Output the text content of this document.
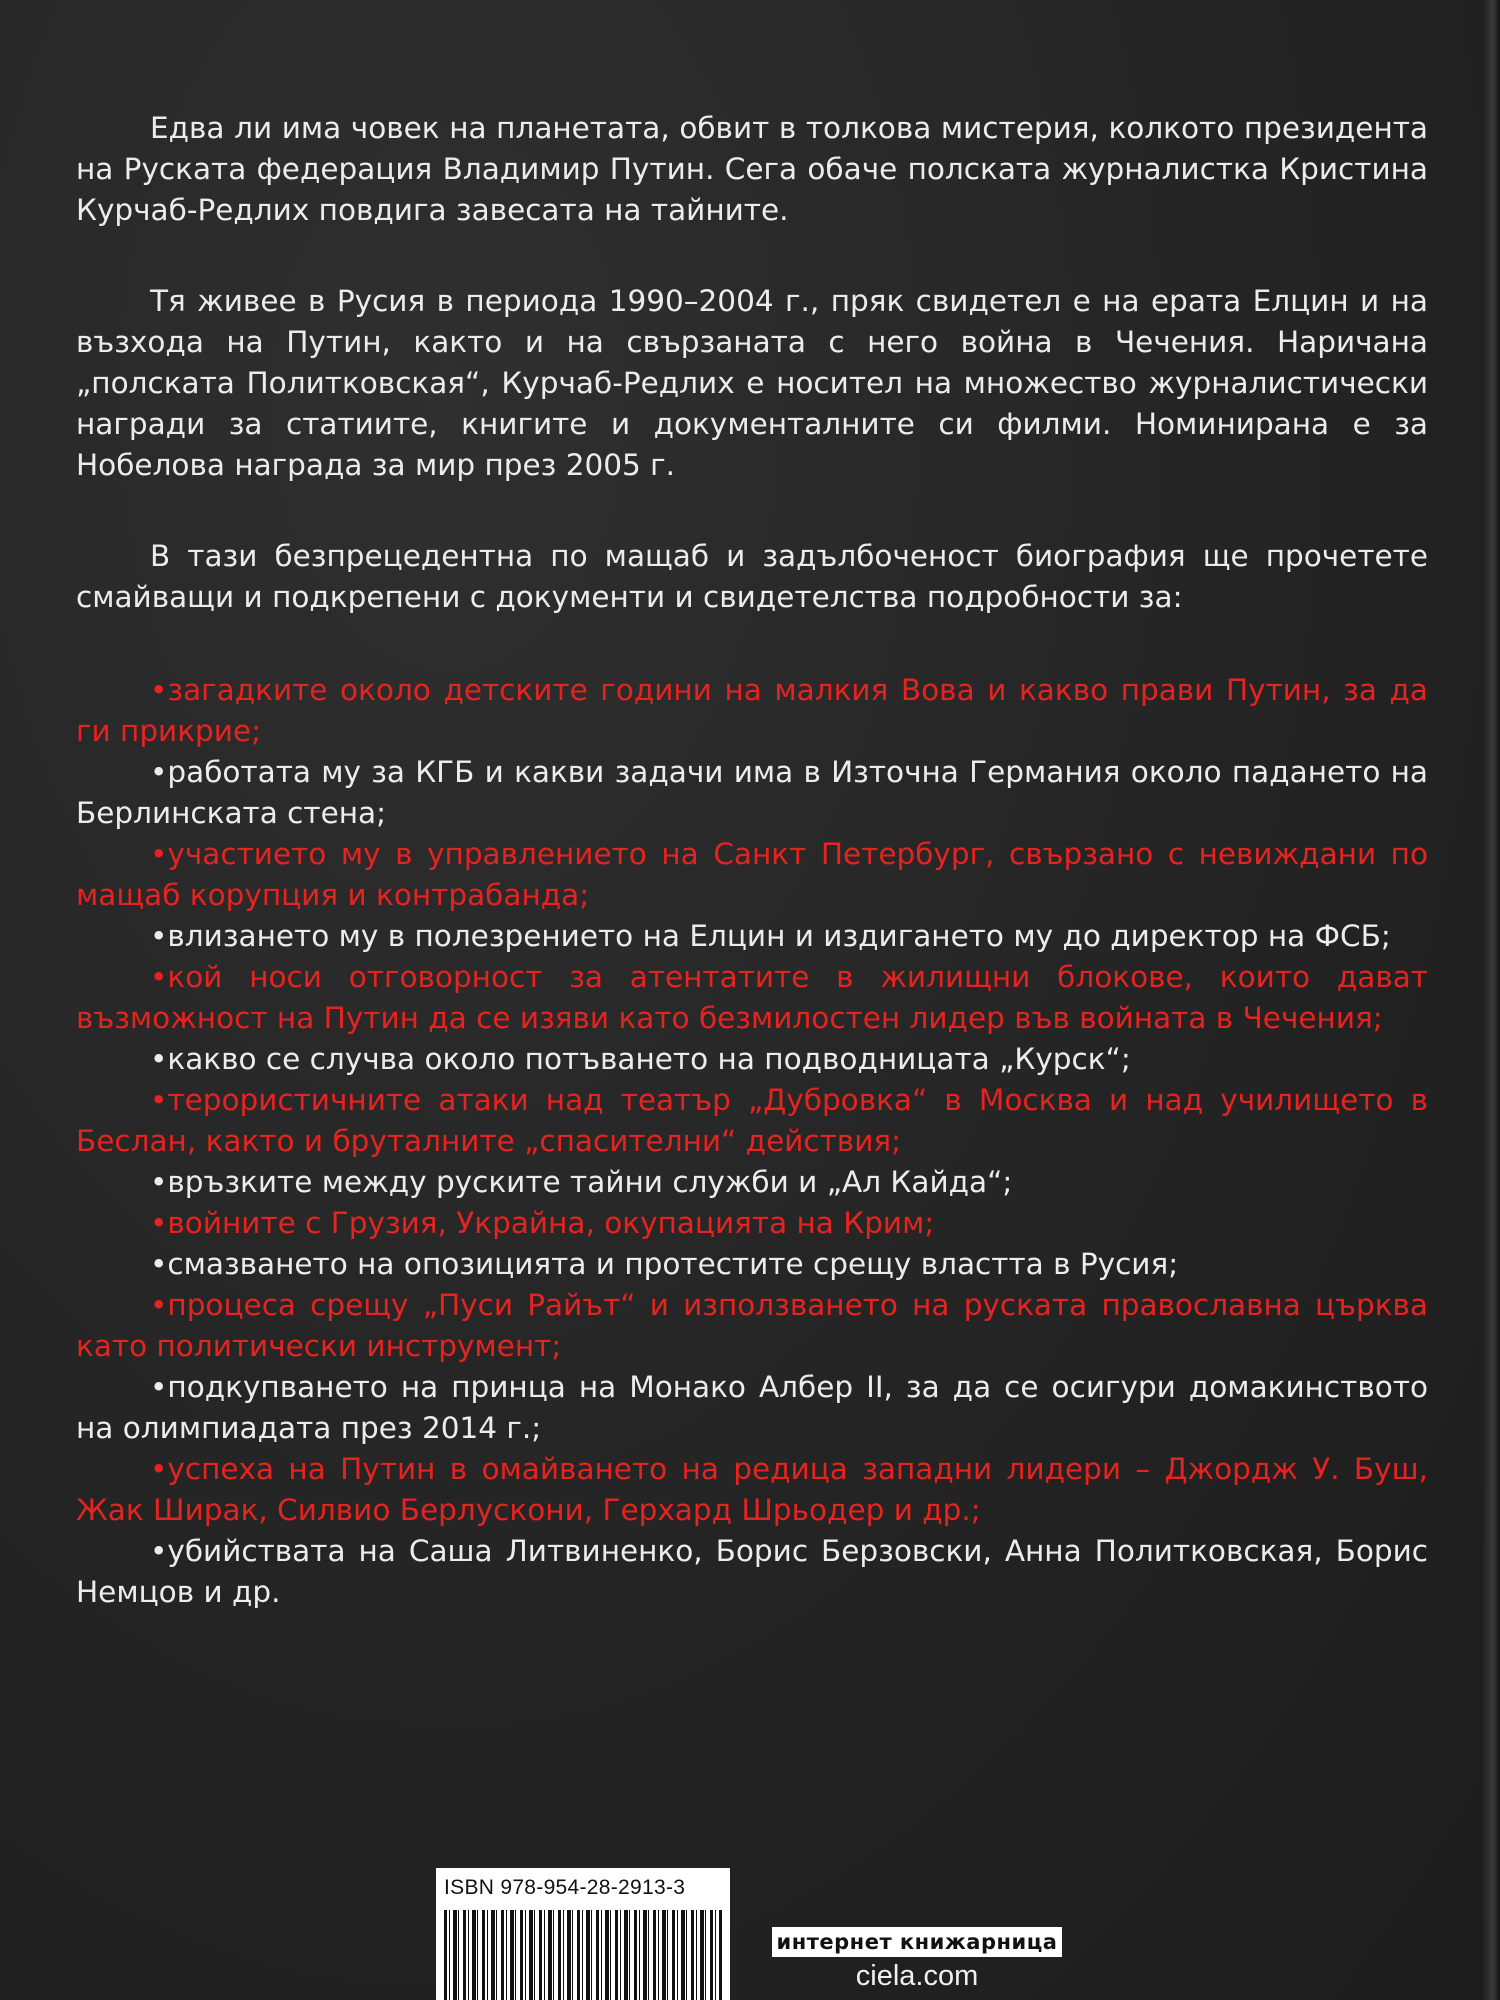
Едва ли има човек на планетата, обвит в толкова мистерия, колкото президента на Руската федерация Владимир Путин. Сега обаче полската журналистка Кристина Курчаб-Редлих повдига завесата на тайните.

Тя живее в Русия в периода 1990–2004 г., пряк свидетел е на ерата Елцин и на възхода на Путин, както и на свързаната с него война в Чечения. Наричана „полската Политковская“, Курчаб-Редлих е носител на множество журналистически награди за статиите, книгите и документалните си филми. Номинирана е за Нобелова награда за мир през 2005 г.

В тази безпрецедентна по мащаб и задълбоченост биография ще прочетете смайващи и подкрепени с документи и свидетелства подробности за:

•загадките около детските години на малкия Вова и какво прави Путин, за да ги прикрие;

•работата му за КГБ и какви задачи има в Източна Германия около падането на Берлинската стена;

•участието му в управлението на Санкт Петербург, свързано с невиждани по мащаб корупция и контрабанда;

•влизането му в полезрението на Елцин и издигането му до директор на ФСБ;

•кой носи отговорност за атентатите в жилищни блокове, които дават възможност на Путин да се изяви като безмилостен лидер във войната в Чечения;

•какво се случва около потъването на подводницата „Курск“;

•терористичните атаки над театър „Дубровка“ в Москва и над училището в Беслан, както и бруталните „спасителни“ действия;

•връзките между руските тайни служби и „Ал Кайда“;

•войните с Грузия, Украйна, окупацията на Крим;

•смазването на опозицията и протестите срещу властта в Русия;

•процеса срещу „Пуси Райът“ и използването на руската православна църква като политически инструмент;

•подкупването на принца на Монако Албер II, за да се осигури домакинството на олимпиадата през 2014 г.;

•успеха на Путин в омайването на редица западни лидери – Джордж У. Буш, Жак Ширак, Силвио Берлускони, Герхард Шрьодер и др.;

•убийствата на Саша Литвиненко, Борис Берзовски, Анна Политковская, Борис Немцов и др.

ISBN 978-954-28-2913-3
интернет книжарница
ciela.com
